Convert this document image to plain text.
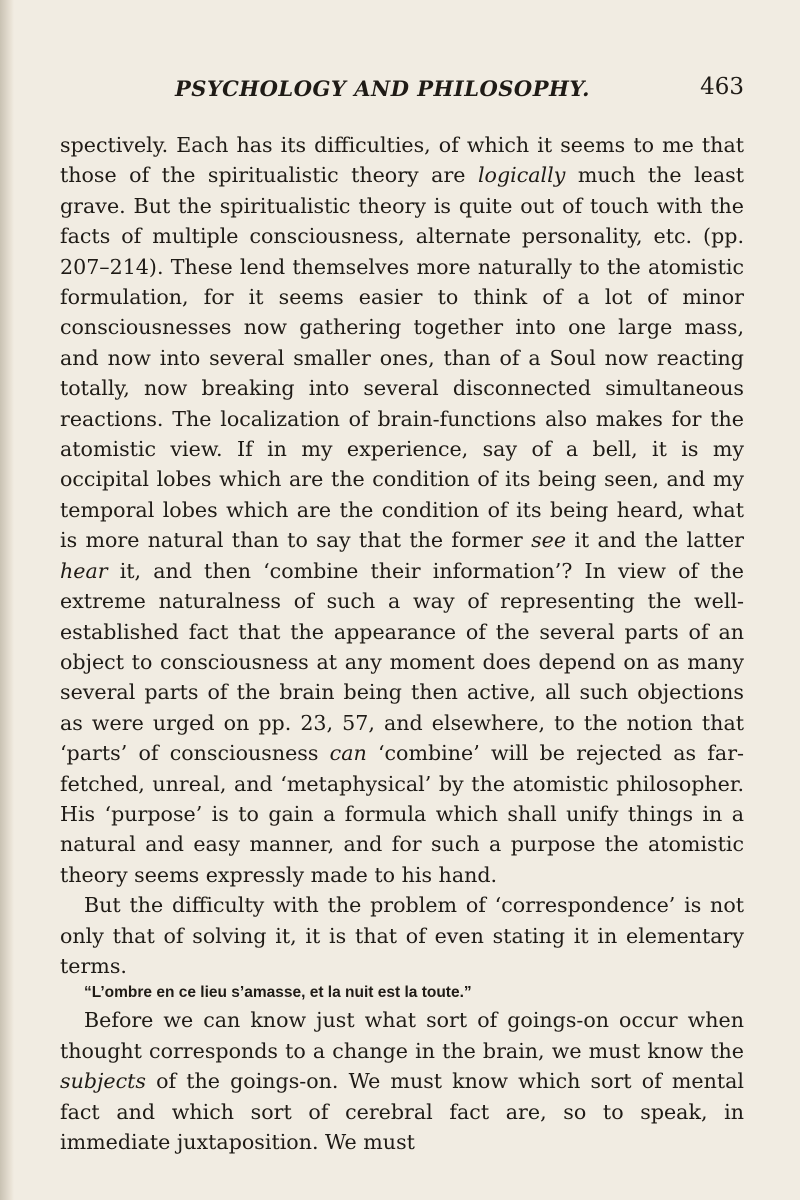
PSYCHOLOGY AND PHILOSOPHY.	463

spectively. Each has its difficulties, of which it seems to me that those of the spiritualistic theory are logically much the least grave. But the spiritualistic theory is quite out of touch with the facts of multiple consciousness, alternate personality, etc. (pp. 207–214). These lend themselves more naturally to the atomistic formulation, for it seems easier to think of a lot of minor consciousnesses now gathering together into one large mass, and now into several smaller ones, than of a Soul now reacting totally, now breaking into several disconnected simultaneous reactions. The localization of brain-functions also makes for the atomistic view. If in my experience, say of a bell, it is my occipital lobes which are the condition of its being seen, and my temporal lobes which are the condition of its being heard, what is more natural than to say that the former see it and the latter hear it, and then ‘combine their information’? In view of the extreme naturalness of such a way of representing the well-established fact that the appearance of the several parts of an object to consciousness at any moment does depend on as many several parts of the brain being then active, all such objections as were urged on pp. 23, 57, and elsewhere, to the notion that ‘parts’ of consciousness can ‘combine’ will be rejected as far-fetched, unreal, and ‘metaphysical’ by the atomistic philosopher. His ‘purpose’ is to gain a formula which shall unify things in a natural and easy manner, and for such a purpose the atomistic theory seems expressly made to his hand.

But the difficulty with the problem of ‘correspondence’ is not only that of solving it, it is that of even stating it in elementary terms.

“L’ombre en ce lieu s’amasse, et la nuit est la toute.”

Before we can know just what sort of goings-on occur when thought corresponds to a change in the brain, we must know the subjects of the goings-on. We must know which sort of mental fact and which sort of cerebral fact are, so to speak, in immediate juxtaposition. We must
